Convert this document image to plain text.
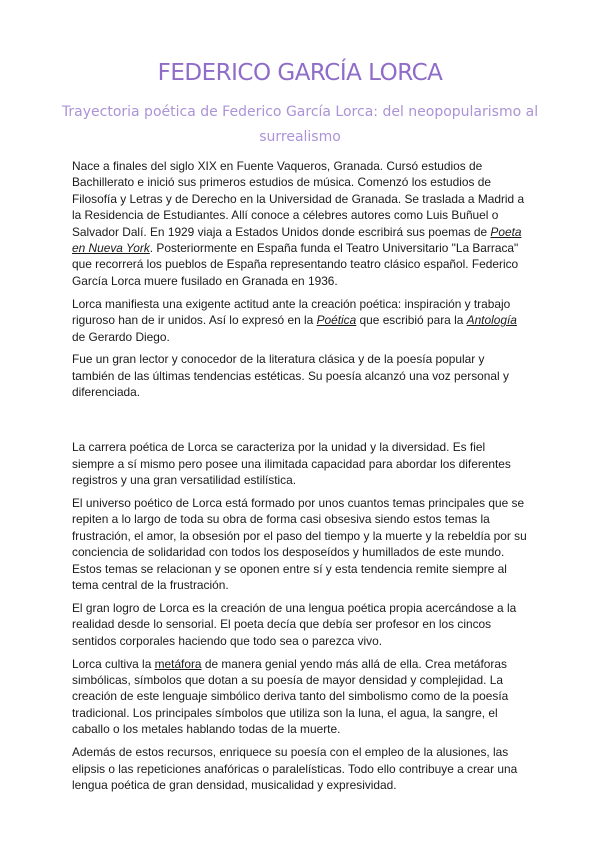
FEDERICO GARCÍA LORCA
Trayectoria poética de Federico García Lorca: del neopopularismo al surrealismo

Nace a finales del siglo XIX en Fuente Vaqueros, Granada. Cursó estudios de Bachillerato e inició sus primeros estudios de música. Comenzó los estudios de Filosofía y Letras y de Derecho en la Universidad de Granada. Se traslada a Madrid a la Residencia de Estudiantes. Allí conoce a célebres autores como Luis Buñuel o Salvador Dalí. En 1929 viaja a Estados Unidos donde escribirá sus poemas de Poeta en Nueva York. Posteriormente en España funda el Teatro Universitario "La Barraca" que recorrerá los pueblos de España representando teatro clásico español. Federico García Lorca muere fusilado en Granada en 1936.

Lorca manifiesta una exigente actitud ante la creación poética: inspiración y trabajo riguroso han de ir unidos. Así lo expresó en la Poética que escribió para la Antología de Gerardo Diego.

Fue un gran lector y conocedor de la literatura clásica y de la poesía popular y también de las últimas tendencias estéticas. Su poesía alcanzó una voz personal y diferenciada.

La carrera poética de Lorca se caracteriza por la unidad y la diversidad. Es fiel siempre a sí mismo pero posee una ilimitada capacidad para abordar los diferentes registros y una gran versatilidad estilística.

El universo poético de Lorca está formado por unos cuantos temas principales que se repiten a lo largo de toda su obra de forma casi obsesiva siendo estos temas la frustración, el amor, la obsesión por el paso del tiempo y la muerte y la rebeldía por su conciencia de solidaridad con todos los desposeídos y humillados de este mundo. Estos temas se relacionan y se oponen entre sí y esta tendencia remite siempre al tema central de la frustración.

El gran logro de Lorca es la creación de una lengua poética propia acercándose a la realidad desde lo sensorial. El poeta decía que debía ser profesor en los cincos sentidos corporales haciendo que todo sea o parezca vivo.

Lorca cultiva la metáfora de manera genial yendo más allá de ella. Crea metáforas simbólicas, símbolos que dotan a su poesía de mayor densidad y complejidad. La creación de este lenguaje simbólico deriva tanto del simbolismo como de la poesía tradicional. Los principales símbolos que utiliza son la luna, el agua, la sangre, el caballo o los metales hablando todas de la muerte.

Además de estos recursos, enriquece su poesía con el empleo de la alusiones, las elipsis o las repeticiones anafóricas o paralelísticas. Todo ello contribuye a crear una lengua poética de gran densidad, musicalidad y expresividad.
